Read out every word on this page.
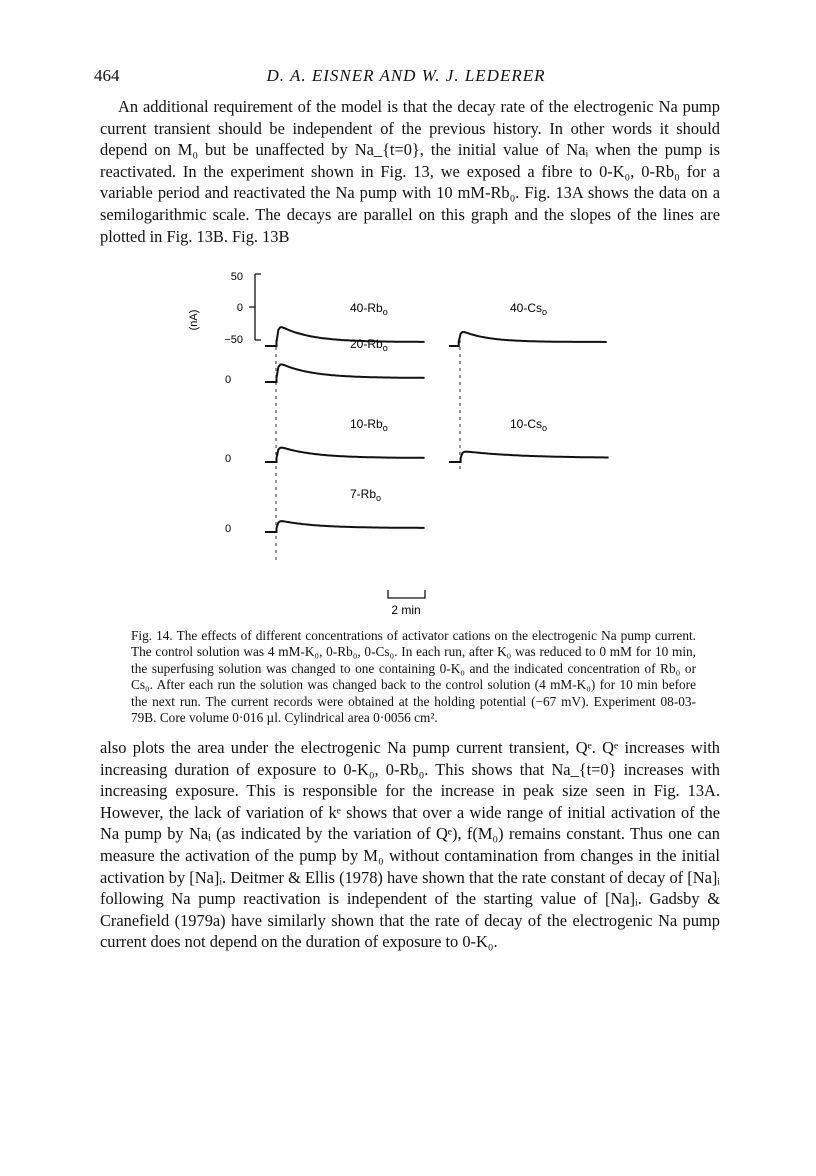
464	D. A. EISNER AND W. J. LEDERER

An additional requirement of the model is that the decay rate of the electrogenic Na pump current transient should be independent of the previous history. In other words it should depend on M₀ but be unaffected by Na_{t=0}, the initial value of Naᵢ when the pump is reactivated. In the experiment shown in Fig. 13, we exposed a fibre to 0-K₀, 0-Rb₀ for a variable period and reactivated the Na pump with 10 mM-Rb₀. Fig. 13A shows the data on a semilogarithmic scale. The decays are parallel on this graph and the slopes of the lines are plotted in Fig. 13B. Fig. 13B

(nA)
50
0
−50
0
0
0
$40-Rb_o$
$20-Rb_o$
$10-Rb_o$
$7-Rb_o$
$40-Cs_o$
$10-Cs_o$
2 min
Fig. 14. The effects of different concentrations of activator cations on the electrogenic Na pump current. The control solution was 4 mM-K₀, 0-Rb₀, 0-Cs₀. In each run, after K₀ was reduced to 0 mM for 10 min, the superfusing solution was changed to one containing 0-K₀ and the indicated concentration of Rb₀ or Cs₀. After each run the solution was changed back to the control solution (4 mM-K₀) for 10 min before the next run. The current records were obtained at the holding potential (−67 mV). Experiment 08-03-79B. Core volume 0·016 µl. Cylindrical area 0·0056 cm².

also plots the area under the electrogenic Na pump current transient, Qᵉ. Qᵉ increases with increasing duration of exposure to 0-K₀, 0-Rb₀. This shows that Na_{t=0} increases with increasing exposure. This is responsible for the increase in peak size seen in Fig. 13A. However, the lack of variation of kᵉ shows that over a wide range of initial activation of the Na pump by Naᵢ (as indicated by the variation of Qᵉ), f(M₀) remains constant. Thus one can measure the activation of the pump by M₀ without contamination from changes in the initial activation by [Na]ᵢ. Deitmer & Ellis (1978) have shown that the rate constant of decay of [Na]ᵢ following Na pump reactivation is independent of the starting value of [Na]ᵢ. Gadsby & Cranefield (1979a) have similarly shown that the rate of decay of the electrogenic Na pump current does not depend on the duration of exposure to 0-K₀.
